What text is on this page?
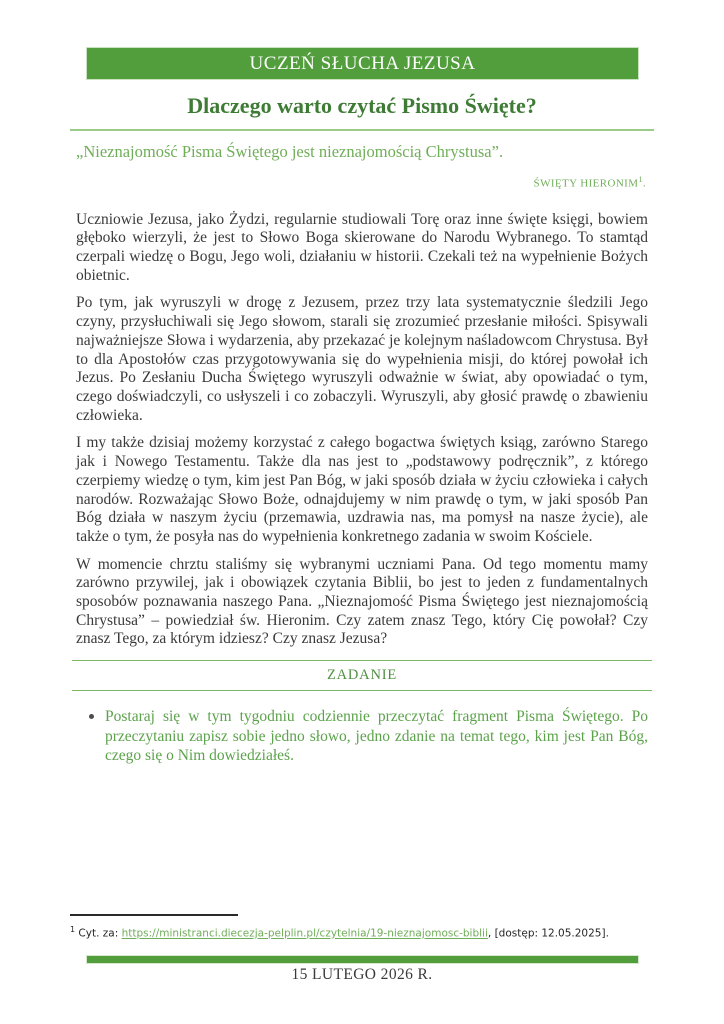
UCZEŃ SŁUCHA JEZUSA
Dlaczego warto czytać Pismo Święte?
„Nieznajomość Pisma Świętego jest nieznajomością Chrystusa”.
ŚWIĘTY HIERONIM$^1$.

Uczniowie Jezusa, jako Żydzi, regularnie studiowali Torę oraz inne święte księgi, bowiem głęboko wierzyli, że jest to Słowo Boga skierowane do Narodu Wybranego. To stamtąd czerpali wiedzę o Bogu, Jego woli, działaniu w historii. Czekali też na wypełnienie Bożych obietnic.

Po tym, jak wyruszyli w drogę z Jezusem, przez trzy lata systematycznie śledzili Jego czyny, przysłuchiwali się Jego słowom, starali się zrozumieć przesłanie miłości. Spisywali najważniejsze Słowa i wydarzenia, aby przekazać je kolejnym naśladowcom Chrystusa. Był to dla Apostołów czas przygotowywania się do wypełnienia misji, do której powołał ich Jezus. Po Zesłaniu Ducha Świętego wyruszyli odważnie w świat, aby opowiadać o tym, czego doświadczyli, co usłyszeli i co zobaczyli. Wyruszyli, aby głosić prawdę o zbawieniu człowieka.

I my także dzisiaj możemy korzystać z całego bogactwa świętych ksiąg, zarówno Starego jak i Nowego Testamentu. Także dla nas jest to „podstawowy podręcznik”, z którego czerpiemy wiedzę o tym, kim jest Pan Bóg, w jaki sposób działa w życiu człowieka i całych narodów. Rozważając Słowo Boże, odnajdujemy w nim prawdę o tym, w jaki sposób Pan Bóg działa w naszym życiu (przemawia, uzdrawia nas, ma pomysł na nasze życie), ale także o tym, że posyła nas do wypełnienia konkretnego zadania w swoim Kościele.

W momencie chrztu staliśmy się wybranymi uczniami Pana. Od tego momentu mamy zarówno przywilej, jak i obowiązek czytania Biblii, bo jest to jeden z fundamentalnych sposobów poznawania naszego Pana. „Nieznajomość Pisma Świętego jest nieznajomością Chrystusa” – powiedział św. Hieronim. Czy zatem znasz Tego, który Cię powołał? Czy znasz Tego, za którym idziesz? Czy znasz Jezusa?

ZADANIE
Postaraj się w tym tygodniu codziennie przeczytać fragment Pisma Świętego. Po przeczytaniu zapisz sobie jedno słowo, jedno zdanie na temat tego, kim jest Pan Bóg, czego się o Nim dowiedziałeś.
$^1$ Cyt. za: https://ministranci.diecezja-pelplin.pl/czytelnia/19-nieznajomosc-biblii, [dostęp: 12.05.2025].
15 LUTEGO 2026 R.
